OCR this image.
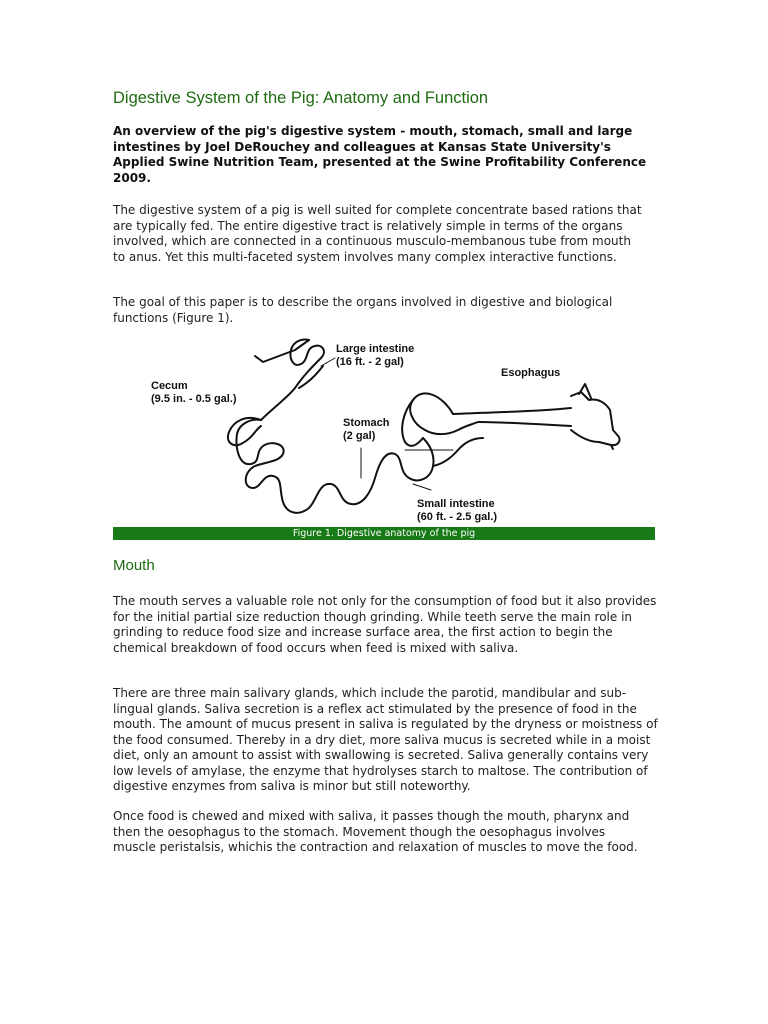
Digestive System of the Pig: Anatomy and Function

An overview of the pig's digestive system - mouth, stomach, small and large intestines by Joel DeRouchey and colleagues at Kansas State University's Applied Swine Nutrition Team, presented at the Swine Profitability Conference 2009.

The digestive system of a pig is well suited for complete concentrate based rations that are typically fed. The entire digestive tract is relatively simple in terms of the organs involved, which are connected in a continuous musculo-membanous tube from mouth to anus. Yet this multi-faceted system involves many complex interactive functions.

The goal of this paper is to describe the organs involved in digestive and biological functions (Figure 1).

Large intestine
(16 ft. - 2 gal)
Cecum
(9.5 in. - 0.5 gal.)
Esophagus
Stomach
(2 gal)
Small intestine
(60 ft. - 2.5 gal.)
Figure 1. Digestive anatomy of the pig
Mouth

The mouth serves a valuable role not only for the consumption of food but it also provides for the initial partial size reduction though grinding. While teeth serve the main role in grinding to reduce food size and increase surface area, the first action to begin the chemical breakdown of food occurs when feed is mixed with saliva.

There are three main salivary glands, which include the parotid, mandibular and sub-lingual glands. Saliva secretion is a reflex act stimulated by the presence of food in the mouth. The amount of mucus present in saliva is regulated by the dryness or moistness of the food consumed. Thereby in a dry diet, more saliva mucus is secreted while in a moist diet, only an amount to assist with swallowing is secreted. Saliva generally contains very low levels of amylase, the enzyme that hydrolyses starch to maltose. The contribution of digestive enzymes from saliva is minor but still noteworthy.

Once food is chewed and mixed with saliva, it passes though the mouth, pharynx and then the oesophagus to the stomach. Movement though the oesophagus involves muscle peristalsis, whichis the contraction and relaxation of muscles to move the food.
